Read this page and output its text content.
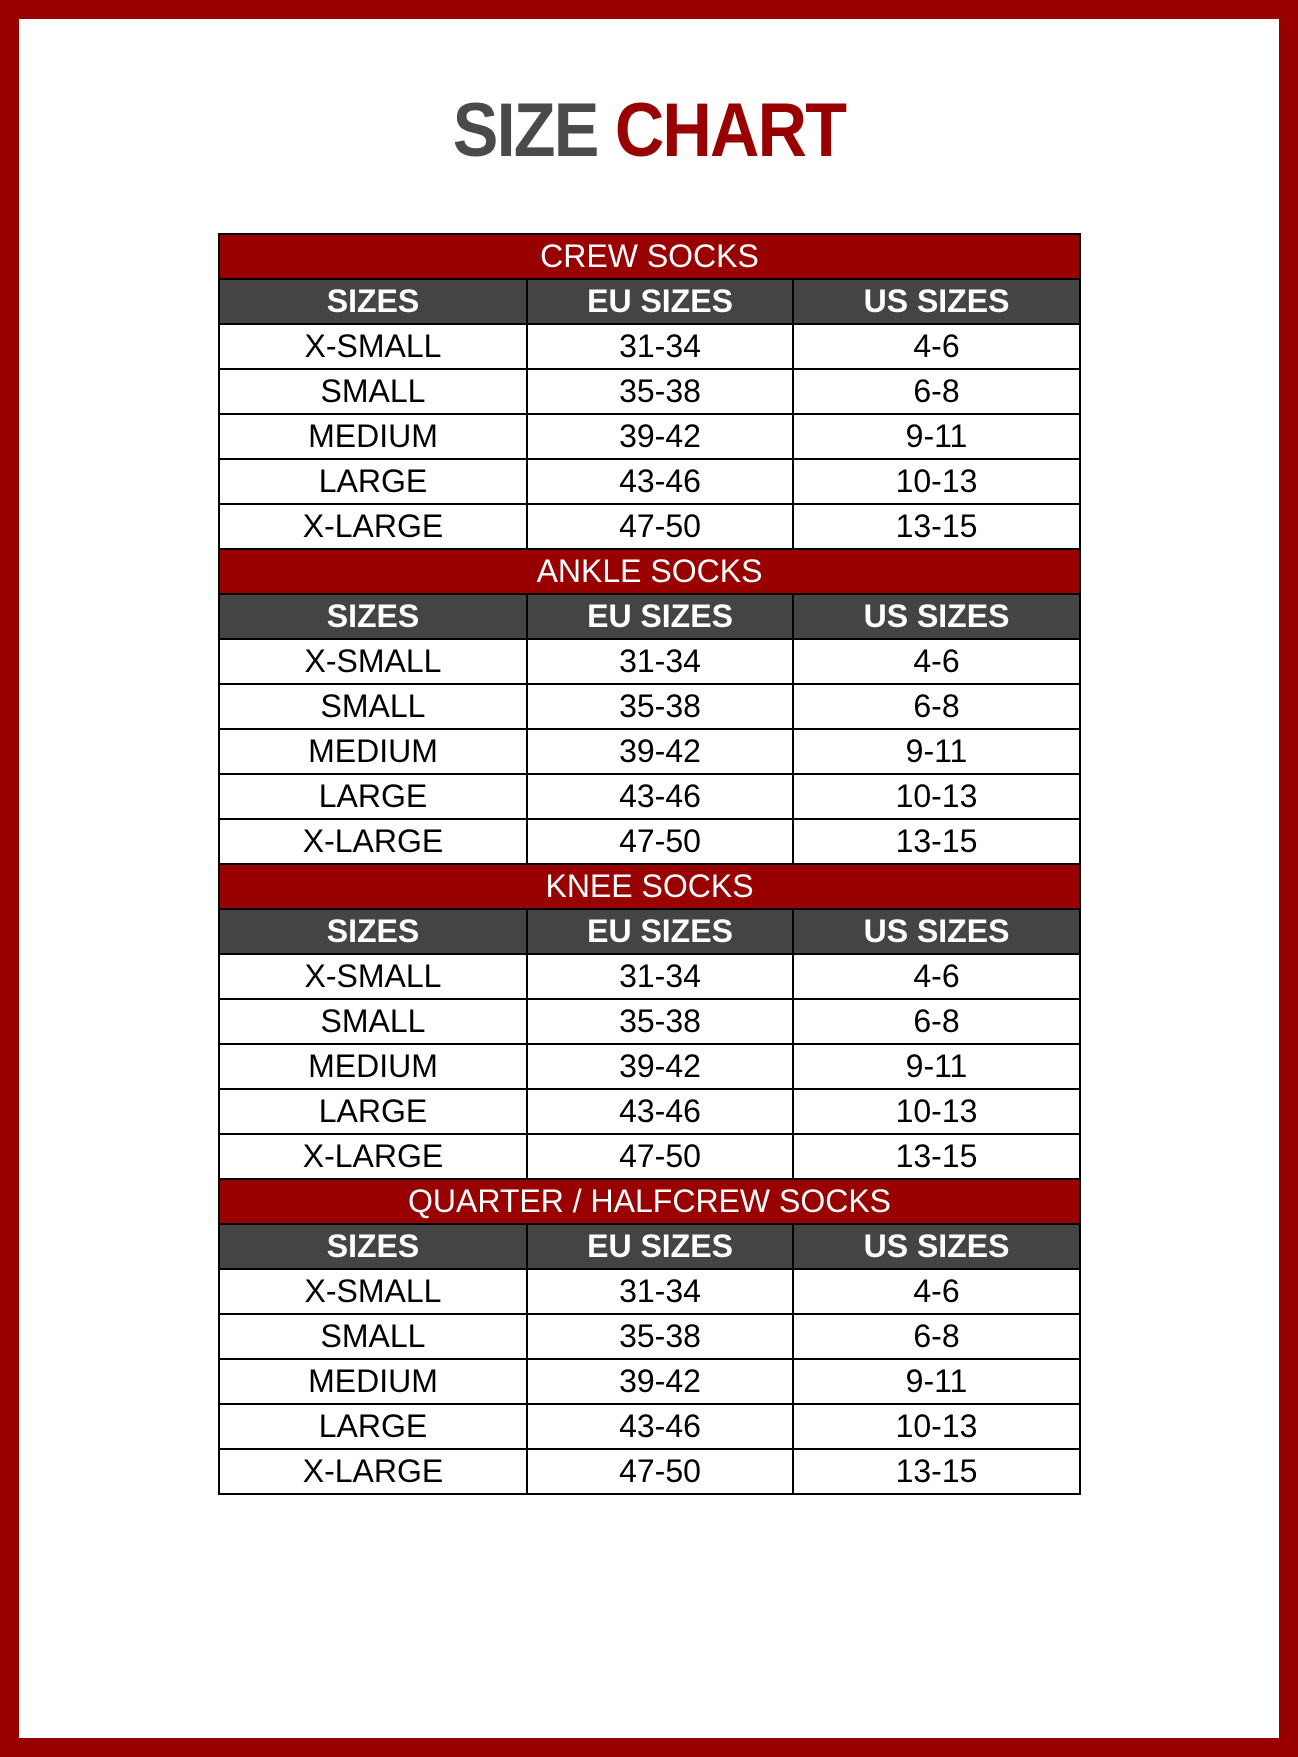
SIZE CHART
CREW SOCKS		
SIZES	EU SIZES	US SIZES
X-SMALL	31-34	4-6
SMALL	35-38	6-8
MEDIUM	39-42	9-11
LARGE	43-46	10-13
X-LARGE	47-50	13-15
ANKLE SOCKS		
SIZES	EU SIZES	US SIZES
X-SMALL	31-34	4-6
SMALL	35-38	6-8
MEDIUM	39-42	9-11
LARGE	43-46	10-13
X-LARGE	47-50	13-15
KNEE SOCKS		
SIZES	EU SIZES	US SIZES
X-SMALL	31-34	4-6
SMALL	35-38	6-8
MEDIUM	39-42	9-11
LARGE	43-46	10-13
X-LARGE	47-50	13-15
QUARTER / HALFCREW SOCKS		
SIZES	EU SIZES	US SIZES
X-SMALL	31-34	4-6
SMALL	35-38	6-8
MEDIUM	39-42	9-11
LARGE	43-46	10-13
X-LARGE	47-50	13-15
